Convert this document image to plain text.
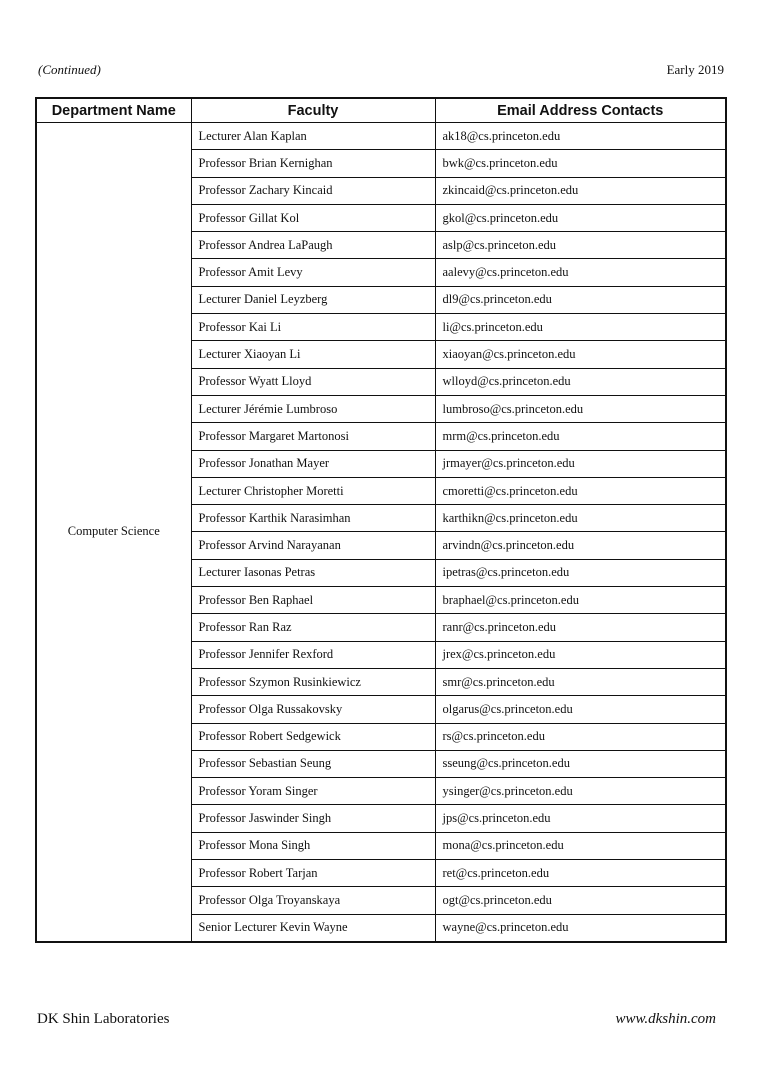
(Continued)	Early 2019
Department Name	Faculty	Email Address Contacts
Computer Science	Lecturer Alan Kaplan	ak18@cs.princeton.edu
	Professor Brian Kernighan	bwk@cs.princeton.edu
	Professor Zachary Kincaid	zkincaid@cs.princeton.edu
	Professor Gillat Kol	gkol@cs.princeton.edu
	Professor Andrea LaPaugh	aslp@cs.princeton.edu
	Professor Amit Levy	aalevy@cs.princeton.edu
	Lecturer Daniel Leyzberg	dl9@cs.princeton.edu
	Professor Kai Li	li@cs.princeton.edu
	Lecturer Xiaoyan Li	xiaoyan@cs.princeton.edu
	Professor Wyatt Lloyd	wlloyd@cs.princeton.edu
	Lecturer Jérémie Lumbroso	lumbroso@cs.princeton.edu
	Professor Margaret Martonosi	mrm@cs.princeton.edu
	Professor Jonathan Mayer	jrmayer@cs.princeton.edu
	Lecturer Christopher Moretti	cmoretti@cs.princeton.edu
	Professor Karthik Narasimhan	karthikn@cs.princeton.edu
	Professor Arvind Narayanan	arvindn@cs.princeton.edu
	Lecturer Iasonas Petras	ipetras@cs.princeton.edu
	Professor Ben Raphael	braphael@cs.princeton.edu
	Professor Ran Raz	ranr@cs.princeton.edu
	Professor Jennifer Rexford	jrex@cs.princeton.edu
	Professor Szymon Rusinkiewicz	smr@cs.princeton.edu
	Professor Olga Russakovsky	olgarus@cs.princeton.edu
	Professor Robert Sedgewick	rs@cs.princeton.edu
	Professor Sebastian Seung	sseung@cs.princeton.edu
	Professor Yoram Singer	ysinger@cs.princeton.edu
	Professor Jaswinder Singh	jps@cs.princeton.edu
	Professor Mona Singh	mona@cs.princeton.edu
	Professor Robert Tarjan	ret@cs.princeton.edu
	Professor Olga Troyanskaya	ogt@cs.princeton.edu
	Senior Lecturer Kevin Wayne	wayne@cs.princeton.edu
DK Shin Laboratories	www.dkshin.com
